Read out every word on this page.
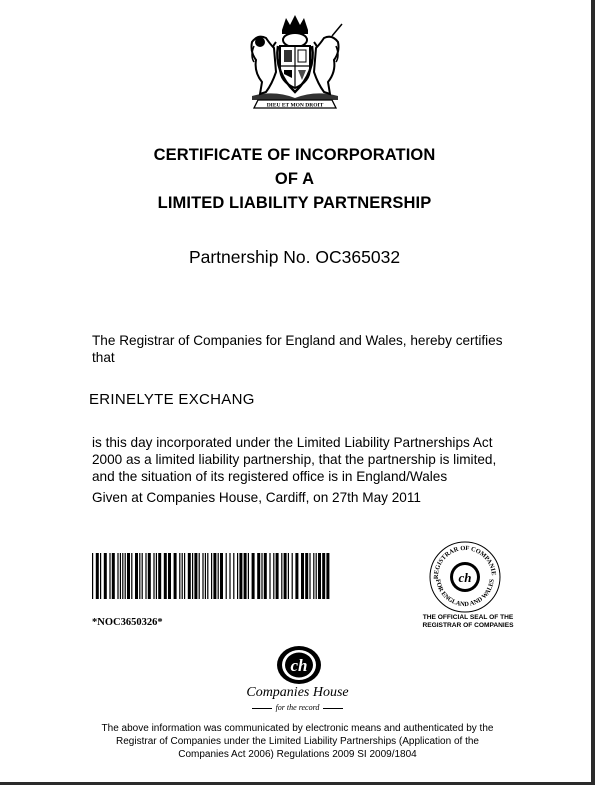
DIEU ET MON DROIT
CERTIFICATE OF INCORPORATION
OF A
LIMITED LIABILITY PARTNERSHIP
Partnership No. OC365032
The Registrar of Companies for England and Wales, hereby certifies
that
ERINELYTE EXCHANG
is this day incorporated under the Limited Liability Partnerships Act
2000 as a limited liability partnership, that the partnership is limited,
and the situation of its registered office is in England/Wales
Given at Companies House, Cardiff, on 27th May 2011
*NOC3650326*
REGISTRAR OF COMPANIE
FOR ENGLAND AND WALES
ch
THE OFFICIAL SEAL OF THE
REGISTRAR OF COMPANIES
ch
Companies House
for the record
The above information was communicated by electronic means and authenticated by the
Registrar of Companies under the Limited Liability Partnerships (Application of the
Companies Act 2006) Regulations 2009 SI 2009/1804
